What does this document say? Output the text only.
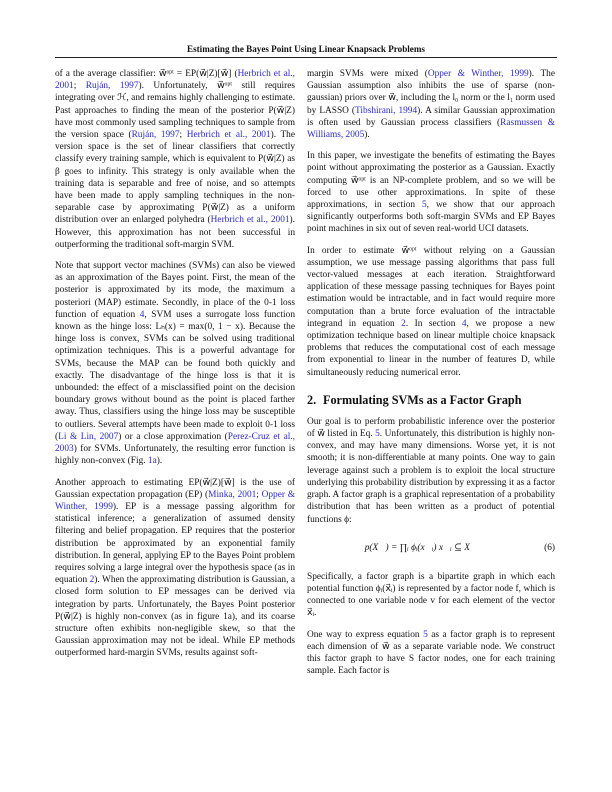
Estimating the Bayes Point Using Linear Knapsack Problems

of a the average classifier: w⃗ᵒᵖᵗ = EP(w⃗|Z)[w⃗] (Herbrich et al., 2001; Ruján, 1997). Unfortunately, w⃗ᵒᵖᵗ still requires integrating over ℋ, and remains highly challenging to estimate. Past approaches to finding the mean of the posterior P(w⃗|Z) have most commonly used sampling techniques to sample from the version space (Ruján, 1997; Herbrich et al., 2001). The version space is the set of linear classifiers that correctly classify every training sample, which is equivalent to P(w⃗|Z) as β goes to infinity. This strategy is only available when the training data is separable and free of noise, and so attempts have been made to apply sampling techniques in the non-separable case by approximating P(w⃗|Z) as a uniform distribution over an enlarged polyhedra (Herbrich et al., 2001). However, this approximation has not been successful in outperforming the traditional soft-margin SVM.

Note that support vector machines (SVMs) can also be viewed as an approximation of the Bayes point. First, the mean of the posterior is approximated by its mode, the maximum a posteriori (MAP) estimate. Secondly, in place of the 0-1 loss function of equation 4, SVM uses a surrogate loss function known as the hinge loss: Lₕ(x) = max(0, 1 − x). Because the hinge loss is convex, SVMs can be solved using traditional optimization techniques. This is a powerful advantage for SVMs, because the MAP can be found both quickly and exactly. The disadvantage of the hinge loss is that it is unbounded: the effect of a misclassified point on the decision boundary grows without bound as the point is placed farther away. Thus, classifiers using the hinge loss may be susceptible to outliers. Several attempts have been made to exploit 0-1 loss (Li & Lin, 2007) or a close approximation (Perez-Cruz et al., 2003) for SVMs. Unfortunately, the resulting error function is highly non-convex (Fig. 1a).

Another approach to estimating EP(w⃗|Z)[w⃗] is the use of Gaussian expectation propagation (EP) (Minka, 2001; Opper & Winther, 1999). EP is a message passing algorithm for statistical inference; a generalization of assumed density filtering and belief propagation. EP requires that the posterior distribution be approximated by an exponential family distribution. In general, applying EP to the Bayes Point problem requires solving a large integral over the hypothesis space (as in equation 2). When the approximating distribution is Gaussian, a closed form solution to EP messages can be derived via integration by parts. Unfortunately, the Bayes Point posterior P(w⃗|Z) is highly non-convex (as in figure 1a), and its coarse structure often exhibits non-negligible skew, so that the Gaussian approximation may not be ideal. While EP methods outperformed hard-margin SVMs, results against soft-

margin SVMs were mixed (Opper & Winther, 1999). The Gaussian assumption also inhibits the use of sparse (non-gaussian) priors over w⃗, including the l₀ norm or the l₁ norm used by LASSO (Tibshirani, 1994). A similar Gaussian approximation is often used by Gaussian process classifiers (Rasmussen & Williams, 2005).

In this paper, we investigate the benefits of estimating the Bayes point without approximating the posterior as a Gaussian. Exactly computing w⃗ᵒᵖᵗ is an NP-complete problem, and so we will be forced to use other approximations. In spite of these approximations, in section 5, we show that our approach significantly outperforms both soft-margin SVMs and EP Bayes point machines in six out of seven real-world UCI datasets.

In order to estimate w⃗ᵒᵖᵗ without relying on a Gaussian assumption, we use message passing algorithms that pass full vector-valued messages at each iteration. Straightforward application of these message passing techniques for Bayes point estimation would be intractable, and in fact would require more computation than a brute force evaluation of the intractable integrand in equation 2. In section 4, we propose a new optimization technique based on linear multiple choice knapsack problems that reduces the computational cost of each message from exponential to linear in the number of features D, while simultaneously reducing numerical error.

2. Formulating SVMs as a Factor Graph

Our goal is to perform probabilistic inference over the posterior of w⃗ listed in Eq. 5. Unfortunately, this distribution is highly non-convex, and may have many dimensions. Worse yet, it is not smooth; it is non-differentiable at many points. One way to gain leverage against such a problem is to exploit the local structure underlying this probability distribution by expressing it as a factor graph. A factor graph is a graphical representation of a probability distribution that has been written as a product of potential functions ϕ:

p(X⃗) = ∏ᵢ ϕᵢ(x⃗ᵢ) x⃗ᵢ ⊆ X⃗	(6)

Specifically, a factor graph is a bipartite graph in which each potential function ϕᵢ(x⃗ᵢ) is represented by a factor node f, which is connected to one variable node v for each element of the vector x⃗ᵢ.

One way to express equation 5 as a factor graph is to represent each dimension of w⃗ as a separate variable node. We construct this factor graph to have S factor nodes, one for each training sample. Each factor is
